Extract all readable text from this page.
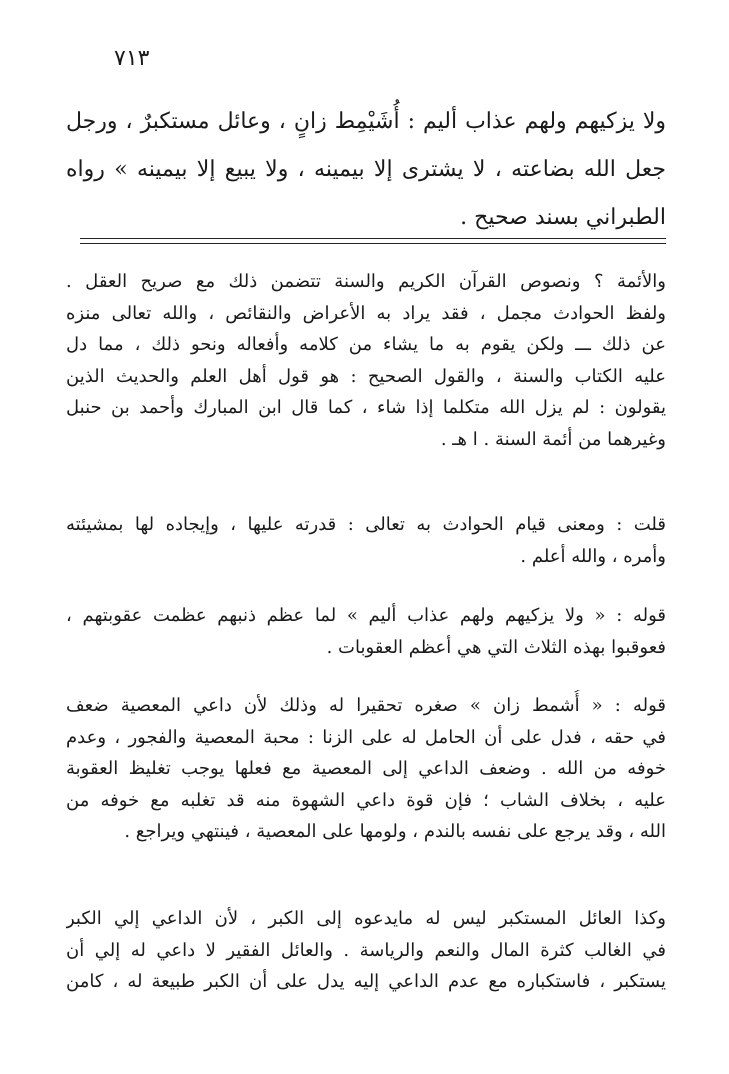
٧١٣
ولا يزكيهم ولهم عذاب أليم : أُشَيْمِط زانٍ ، وعائل مستكبرٌ ، ورجل
جعل الله بضاعته ، لا يشترى إلا بيمينه ، ولا يبيع إلا بيمينه » رواه
الطبراني بسند صحيح .
والأئمة ؟ ونصوص القرآن الكريم والسنة تتضمن ذلك مع صريح العقل .
ولفظ الحوادث مجمل ، فقد يراد به الأعراض والنقائص ، والله تعالى منزه
عن ذلك ـــ ولكن يقوم به ما يشاء من كلامه وأفعاله ونحو ذلك ، مما دل
عليه الكتاب والسنة ، والقول الصحيح : هو قول أهل العلم والحديث الذين
يقولون : لم يزل الله متكلما إذا شاء ، كما قال ابن المبارك وأحمد بن حنبل
وغيرهما من أئمة السنة . ا هـ .
قلت : ومعنى قيام الحوادث به تعالى : قدرته عليها ، وإيجاده لها بمشيئته
وأمره ، والله أعلم .
قوله : « ولا يزكيهم ولهم عذاب أليم » لما عظم ذنبهم عظمت عقوبتهم ،
فعوقبوا بهذه الثلاث التي هي أعظم العقوبات .
قوله : « أُشمط زان » صغره تحقيرا له وذلك لأن داعي المعصية ضعف
في حقه ، فدل على أن الحامل له على الزنا : محبة المعصية والفجور ، وعدم
خوفه من الله . وضعف الداعي إلى المعصية مع فعلها يوجب تغليظ العقوبة
عليه ، بخلاف الشاب ؛ فإن قوة داعي الشهوة منه قد تغلبه مع خوفه من
الله ، وقد يرجع على نفسه بالندم ، ولومها على المعصية ، فينتهي ويراجع .
وكذا العائل المستكبر ليس له مايدعوه إلى الكبر ، لأن الداعي إلي الكبر
في الغالب كثرة المال والنعم والرياسة . والعائل الفقير لا داعي له إلي أن
يستكبر ، فاستكباره مع عدم الداعي إليه يدل على أن الكبر طبيعة له ، كامن
